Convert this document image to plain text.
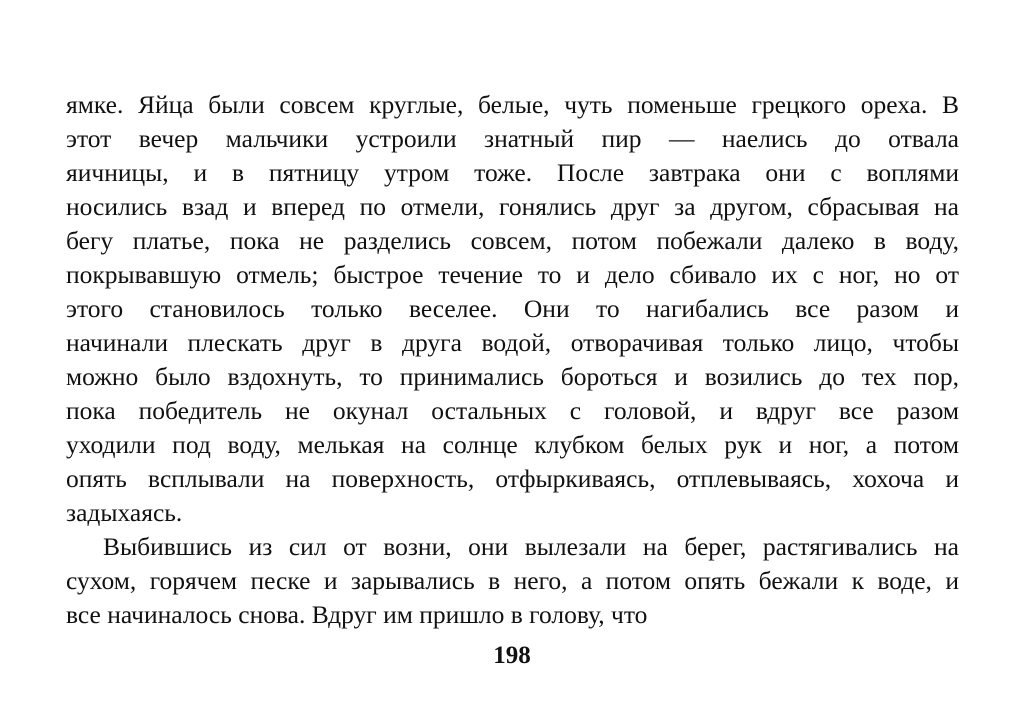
ямке. Яйца были совсем круглые, белые, чуть поменьше грецкого ореха. В
этот вечер мальчики устроили знатный пир — наелись до отвала
яичницы, и в пятницу утром тоже. После завтрака они с воплями
носились взад и вперед по отмели, гонялись друг за другом, сбрасывая на
бегу платье, пока не разделись совсем, потом побежали далеко в воду,
покрывавшую отмель; быстрое течение то и дело сбивало их с ног, но от
этого становилось только веселее. Они то нагибались все разом и
начинали плескать друг в друга водой, отворачивая только лицо, чтобы
можно было вздохнуть, то принимались бороться и возились до тех пор,
пока победитель не окунал остальных с головой, и вдруг все разом
уходили под воду, мелькая на солнце клубком белых рук и ног, а потом
опять всплывали на поверхность, отфыркиваясь, отплевываясь, хохоча и
задыхаясь.
Выбившись из сил от возни, они вылезали на берег, растягивались на
сухом, горячем песке и зарывались в него, а потом опять бежали к воде, и
все начиналось снова. Вдруг им пришло в голову, что
198
